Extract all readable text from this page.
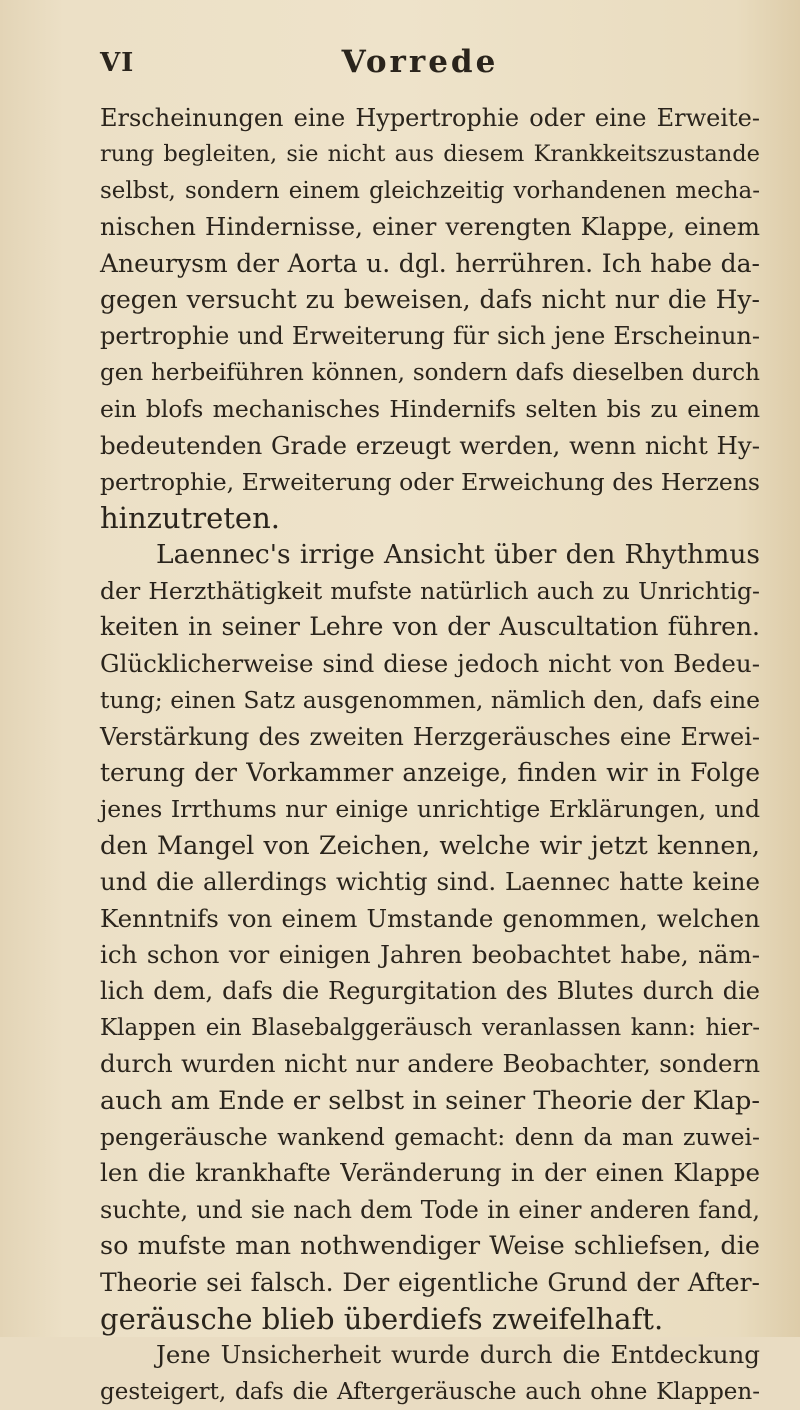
VI	Vorrede
Erscheinungen eine Hypertrophie oder eine Erweite-
rung begleiten, sie nicht aus diesem Krankkeitszustande
selbst, sondern einem gleichzeitig vorhandenen mecha-
nischen Hindernisse, einer verengten Klappe, einem
Aneurysm der Aorta u. dgl. herrühren. Ich habe da-
gegen versucht zu beweisen, dafs nicht nur die Hy-
pertrophie und Erweiterung für sich jene Erscheinun-
gen herbeiführen können, sondern dafs dieselben durch
ein blofs mechanisches Hindernifs selten bis zu einem
bedeutenden Grade erzeugt werden, wenn nicht Hy-
pertrophie, Erweiterung oder Erweichung des Herzens
hinzutreten.
Laennec's irrige Ansicht über den Rhythmus
der Herzthätigkeit mufste natürlich auch zu Unrichtig-
keiten in seiner Lehre von der Auscultation führen.
Glücklicherweise sind diese jedoch nicht von Bedeu-
tung; einen Satz ausgenommen, nämlich den, dafs eine
Verstärkung des zweiten Herzgeräusches eine Erwei-
terung der Vorkammer anzeige, finden wir in Folge
jenes Irrthums nur einige unrichtige Erklärungen, und
den Mangel von Zeichen, welche wir jetzt kennen,
und die allerdings wichtig sind. Laennec hatte keine
Kenntnifs von einem Umstande genommen, welchen
ich schon vor einigen Jahren beobachtet habe, näm-
lich dem, dafs die Regurgitation des Blutes durch die
Klappen ein Blasebalggeräusch veranlassen kann: hier-
durch wurden nicht nur andere Beobachter, sondern
auch am Ende er selbst in seiner Theorie der Klap-
pengeräusche wankend gemacht: denn da man zuwei-
len die krankhafte Veränderung in der einen Klappe
suchte, und sie nach dem Tode in einer anderen fand,
so mufste man nothwendiger Weise schliefsen, die
Theorie sei falsch. Der eigentliche Grund der After-
geräusche blieb überdiefs zweifelhaft.
Jene Unsicherheit wurde durch die Entdeckung
gesteigert, dafs die Aftergeräusche auch ohne Klappen-
